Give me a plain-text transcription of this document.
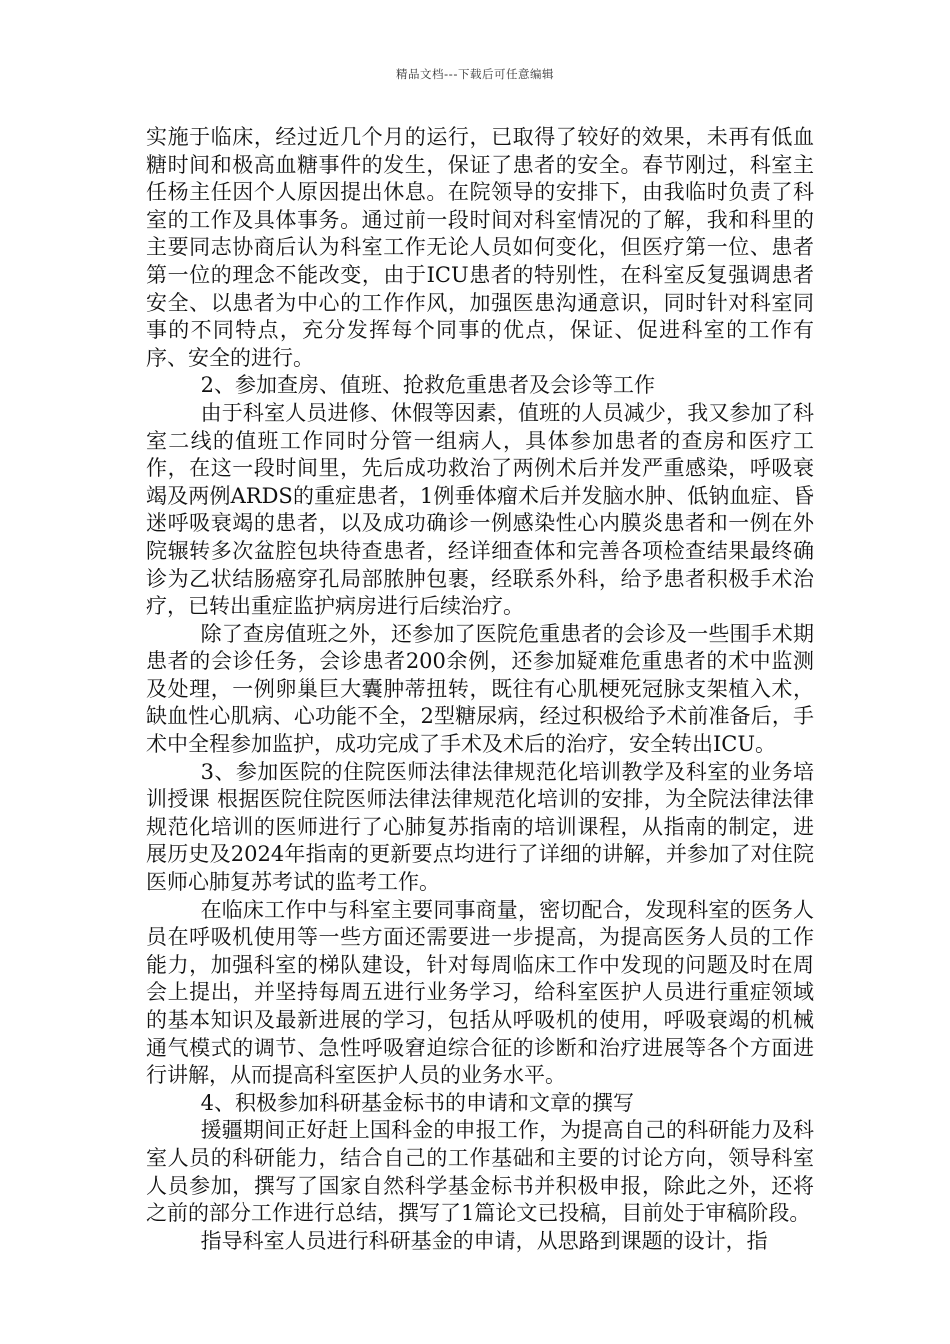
精品文档---下载后可任意编辑

实施于临床，经过近几个月的运行，已取得了较好的效果，未再有低血糖时间和极高血糖事件的发生，保证了患者的安全。春节刚过，科室主任杨主任因个人原因提出休息。在院领导的安排下，由我临时负责了科室的工作及具体事务。通过前一段时间对科室情况的了解，我和科里的主要同志协商后认为科室工作无论人员如何变化，但医疗第一位、患者第一位的理念不能改变，由于ICU患者的特别性，在科室反复强调患者安全、以患者为中心的工作作风，加强医患沟通意识，同时针对科室同事的不同特点，充分发挥每个同事的优点，保证、促进科室的工作有序、安全的进行。

2、参加查房、值班、抢救危重患者及会诊等工作

由于科室人员进修、休假等因素，值班的人员减少，我又参加了科室二线的值班工作同时分管一组病人，具体参加患者的查房和医疗工作，在这一段时间里，先后成功救治了两例术后并发严重感染，呼吸衰竭及两例ARDS的重症患者，1例垂体瘤术后并发脑水肿、低钠血症、昏迷呼吸衰竭的患者，以及成功确诊一例感染性心内膜炎患者和一例在外院辗转多次盆腔包块待查患者，经详细查体和完善各项检查结果最终确诊为乙状结肠癌穿孔局部脓肿包裹，经联系外科，给予患者积极手术治疗，已转出重症监护病房进行后续治疗。

除了查房值班之外，还参加了医院危重患者的会诊及一些围手术期患者的会诊任务，会诊患者200余例，还参加疑难危重患者的术中监测及处理，一例卵巢巨大囊肿蒂扭转，既往有心肌梗死冠脉支架植入术，缺血性心肌病、心功能不全，2型糖尿病，经过积极给予术前准备后，手术中全程参加监护，成功完成了手术及术后的治疗，安全转出ICU。

3、参加医院的住院医师法律法律规范化培训教学及科室的业务培训授课 根据医院住院医师法律法律规范化培训的安排，为全院法律法律规范化培训的医师进行了心肺复苏指南的培训课程，从指南的制定，进展历史及2024年指南的更新要点均进行了详细的讲解，并参加了对住院医师心肺复苏考试的监考工作。

在临床工作中与科室主要同事商量，密切配合，发现科室的医务人员在呼吸机使用等一些方面还需要进一步提高，为提高医务人员的工作能力，加强科室的梯队建设，针对每周临床工作中发现的问题及时在周会上提出，并坚持每周五进行业务学习，给科室医护人员进行重症领域的基本知识及最新进展的学习，包括从呼吸机的使用，呼吸衰竭的机械通气模式的调节、急性呼吸窘迫综合征的诊断和治疗进展等各个方面进行讲解，从而提高科室医护人员的业务水平。

4、积极参加科研基金标书的申请和文章的撰写

援疆期间正好赶上国科金的申报工作，为提高自己的科研能力及科室人员的科研能力，结合自己的工作基础和主要的讨论方向，领导科室人员参加，撰写了国家自然科学基金标书并积极申报，除此之外，还将之前的部分工作进行总结，撰写了1篇论文已投稿，目前处于审稿阶段。

指导科室人员进行科研基金的申请，从思路到课题的设计，指
